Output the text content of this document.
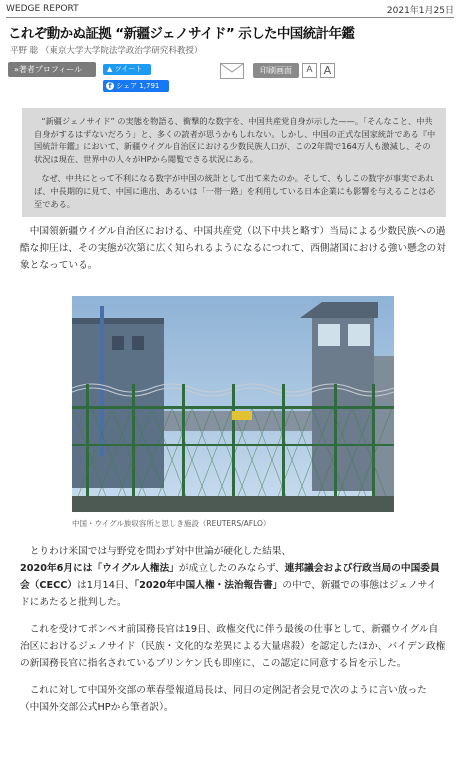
WEDGE REPORT	2021年1月25日
これぞ動かぬ証拠 “新疆ジェノサイド” 示した中国統計年鑑
平野 聡 （東京大学大学院法学政治学研究科教授）
»著者プロフィール	▲ ツイート
f シェア 1,791
印刷画面	A	A

“新疆ジェノサイド” の実態を物語る、衝撃的な数字を、中国共産党自身が示した——。「そんなこと、中共自身がするはずないだろう」と、多くの読者が思うかもしれない。しかし、中国の正式な国家統計である『中国統計年鑑』において、新疆ウイグル自治区における少数民族人口が、この2年間で164万人も激減し、その状況は現在、世界中の人々がHPから閲覧できる状況にある。

なぜ、中共にとって不利になる数字が中国の統計として出て来たのか。そして、もしこの数字が事実であれば、中長期的に見て、中国に進出、あるいは「一帯一路」を利用している日本企業にも影響を与えることは必至である。

中国領新疆ウイグル自治区における、中国共産党（以下中共と略す）当局による少数民族への過酷な抑圧は、その実態が次第に広く知られるようになるにつれて、西側諸国における強い懸念の対象となっている。

中国・ウイグル族収容所と思しき施設（REUTERS/AFLO）

とりわけ米国では与野党を問わず対中世論が硬化した結果、2020年6月には「ウイグル人権法」が成立したのみならず、連邦議会および行政当局の中国委員会（CECC）は1月14日、「2020年中国人権・法治報告書」の中で、新疆での事態はジェノサイドにあたると批判した。

これを受けてポンペオ前国務長官は19日、政権交代に伴う最後の仕事として、新疆ウイグル自治区におけるジェノサイド（民族・文化的な差異による大量虐殺）を認定したほか、バイデン政権の新国務長官に指名されているブリンケン氏も即座に、この認定に同意する旨を示した。

これに対して中国外交部の華春瑩報道局長は、同日の定例記者会見で次のように言い放った（中国外交部公式HPから筆者訳）。
